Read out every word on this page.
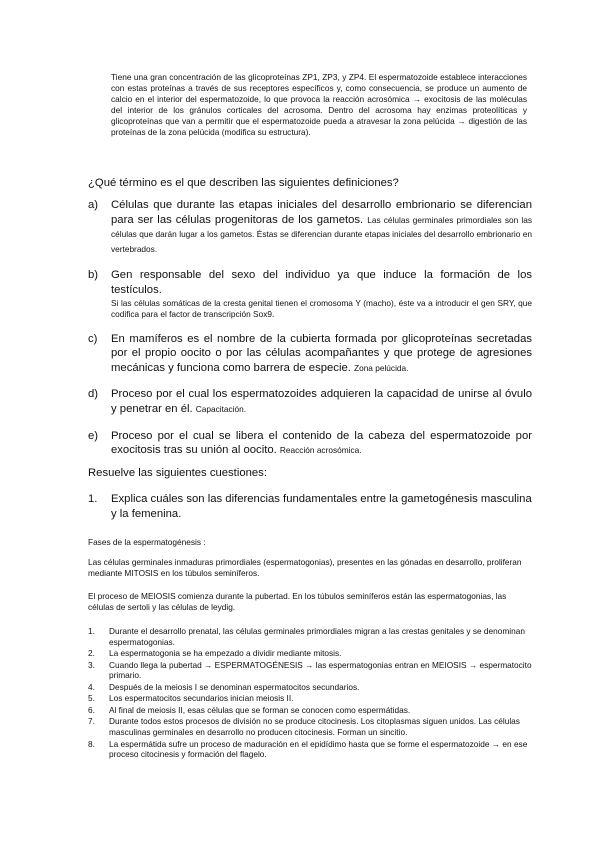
Tiene una gran concentración de las glicoproteínas ZP1, ZP3, y ZP4. El espermatozoide establece interacciones con estas proteínas a través de sus receptores específicos y, como consecuencia, se produce un aumento de calcio en el interior del espermatozoide, lo que provoca la reacción acrosómica → exocitosis de las moléculas del interior de los gránulos corticales del acrosoma. Dentro del acrosoma hay enzimas proteolíticas y glicoproteínas que van a permitir que el espermatozoide pueda a atravesar la zona pelúcida → digestión de las proteínas de la zona pelúcida (modifica su estructura).

¿Qué término es el que describen las siguientes definiciones?
a) Células que durante las etapas iniciales del desarrollo embrionario se diferencian para ser las células progenitoras de los gametos. Las células germinales primordiales son las células que darán lugar a los gametos. Éstas se diferencian durante etapas iniciales del desarrollo embrionario en vertebrados.
b) Gen responsable del sexo del individuo ya que induce la formación de los testículos.
Si las células somáticas de la cresta genital tienen el cromosoma Y (macho), éste va a introducir el gen SRY, que codifica para el factor de transcripción Sox9.
c) En mamíferos es el nombre de la cubierta formada por glicoproteínas secretadas por el propio oocito o por las células acompañantes y que protege de agresiones mecánicas y funciona como barrera de especie. Zona pelúcida.
d) Proceso por el cual los espermatozoides adquieren la capacidad de unirse al óvulo y penetrar en él. Capacitación.
e) Proceso por el cual se libera el contenido de la cabeza del espermatozoide por exocitosis tras su unión al oocito. Reacción acrosómica.
Resuelve las siguientes cuestiones:
1. Explica cuáles son las diferencias fundamentales entre la gametogénesis masculina y la femenina.
Fases de la espermatogénesis :
Las células germinales inmaduras primordiales (espermatogonias), presentes en las gónadas en desarrollo, proliferan mediante MITOSIS en los túbulos seminíferos.
El proceso de MEIOSIS comienza durante la pubertad. En los túbulos seminíferos están las espermatogonias, las células de sertoli y las células de leydig.
1. Durante el desarrollo prenatal, las células germinales primordiales migran a las crestas genitales y se denominan espermatogonias.
2. La espermatogonia se ha empezado a dividir mediante mitosis.
3. Cuando llega la pubertad → ESPERMATOGÉNESIS → las espermatogonias entran en MEIOSIS → espermatocito primario.
4. Después de la meiosis I se denominan espermatocitos secundarios.
5. Los espermatocitos secundarios inician meiosis II.
6. Al final de meiosis II, esas células que se forman se conocen como espermátidas.
7. Durante todos estos procesos de división no se produce citocinesis. Los citoplasmas siguen unidos. Las células masculinas germinales en desarrollo no producen citocinesis. Forman un sincitio.
8. La espermátida sufre un proceso de maduración en el epidídimo hasta que se forme el espermatozoide → en ese proceso citocinesis y formación del flagelo.
